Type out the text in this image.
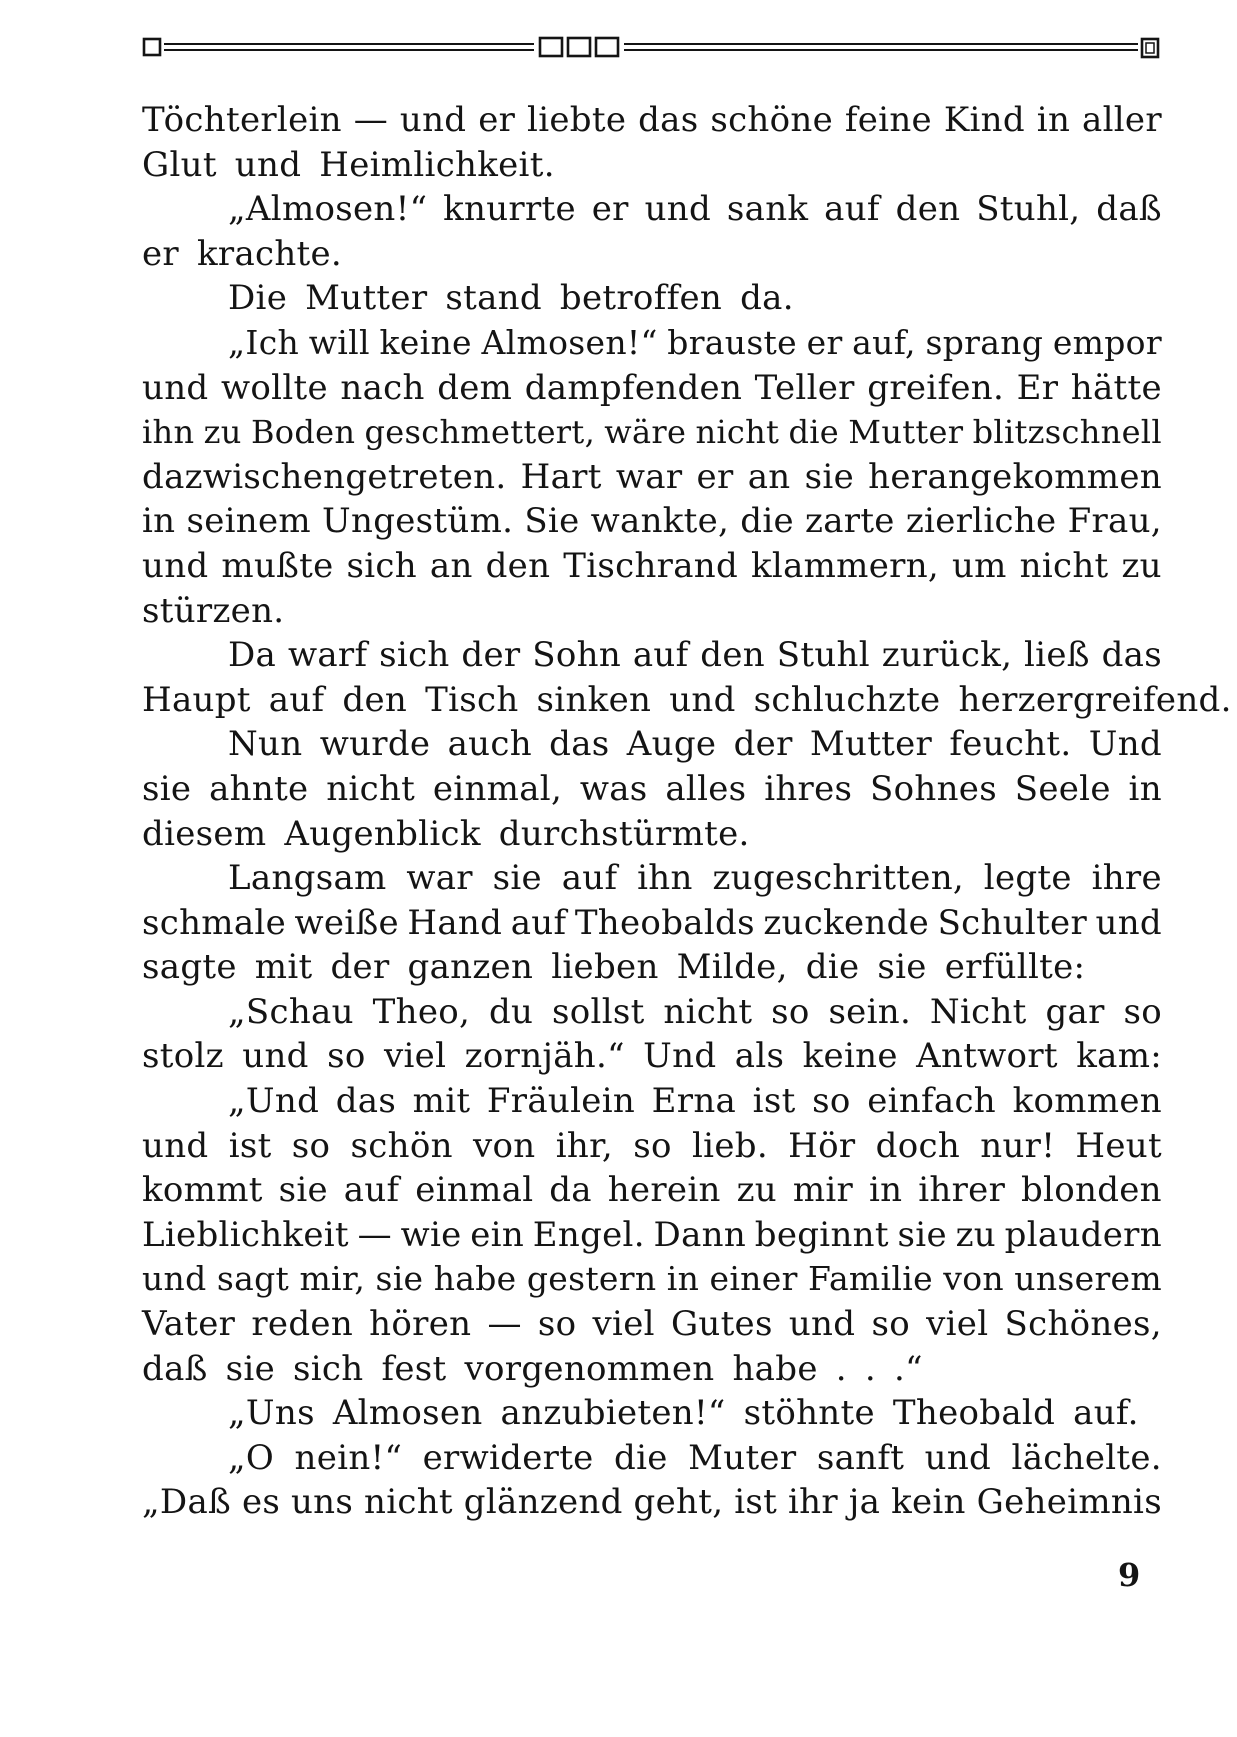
Töchterlein — und er liebte das schöne feine Kind in aller
Glut und Heimlichkeit.
„Almosen!“ knurrte er und sank auf den Stuhl, daß
er krachte.
Die Mutter stand betroffen da.
„Ich will keine Almosen!“ brauste er auf, sprang empor
und wollte nach dem dampfenden Teller greifen. Er hätte
ihn zu Boden geschmettert, wäre nicht die Mutter blitzschnell
dazwischengetreten. Hart war er an sie herangekommen
in seinem Ungestüm. Sie wankte, die zarte zierliche Frau,
und mußte sich an den Tischrand klammern, um nicht zu
stürzen.
Da warf sich der Sohn auf den Stuhl zurück, ließ das
Haupt auf den Tisch sinken und schluchzte herzergreifend.
Nun wurde auch das Auge der Mutter feucht. Und
sie ahnte nicht einmal, was alles ihres Sohnes Seele in
diesem Augenblick durchstürmte.
Langsam war sie auf ihn zugeschritten, legte ihre
schmale weiße Hand auf Theobalds zuckende Schulter und
sagte mit der ganzen lieben Milde, die sie erfüllte:
„Schau Theo, du sollst nicht so sein. Nicht gar so
stolz und so viel zornjäh.“ Und als keine Antwort kam:
„Und das mit Fräulein Erna ist so einfach kommen
und ist so schön von ihr, so lieb. Hör doch nur! Heut
kommt sie auf einmal da herein zu mir in ihrer blonden
Lieblichkeit — wie ein Engel. Dann beginnt sie zu plaudern
und sagt mir, sie habe gestern in einer Familie von unserem
Vater reden hören — so viel Gutes und so viel Schönes,
daß sie sich fest vorgenommen habe . . .“
„Uns Almosen anzubieten!“ stöhnte Theobald auf.
„O nein!“ erwiderte die Muter sanft und lächelte.
„Daß es uns nicht glänzend geht, ist ihr ja kein Geheimnis
9
